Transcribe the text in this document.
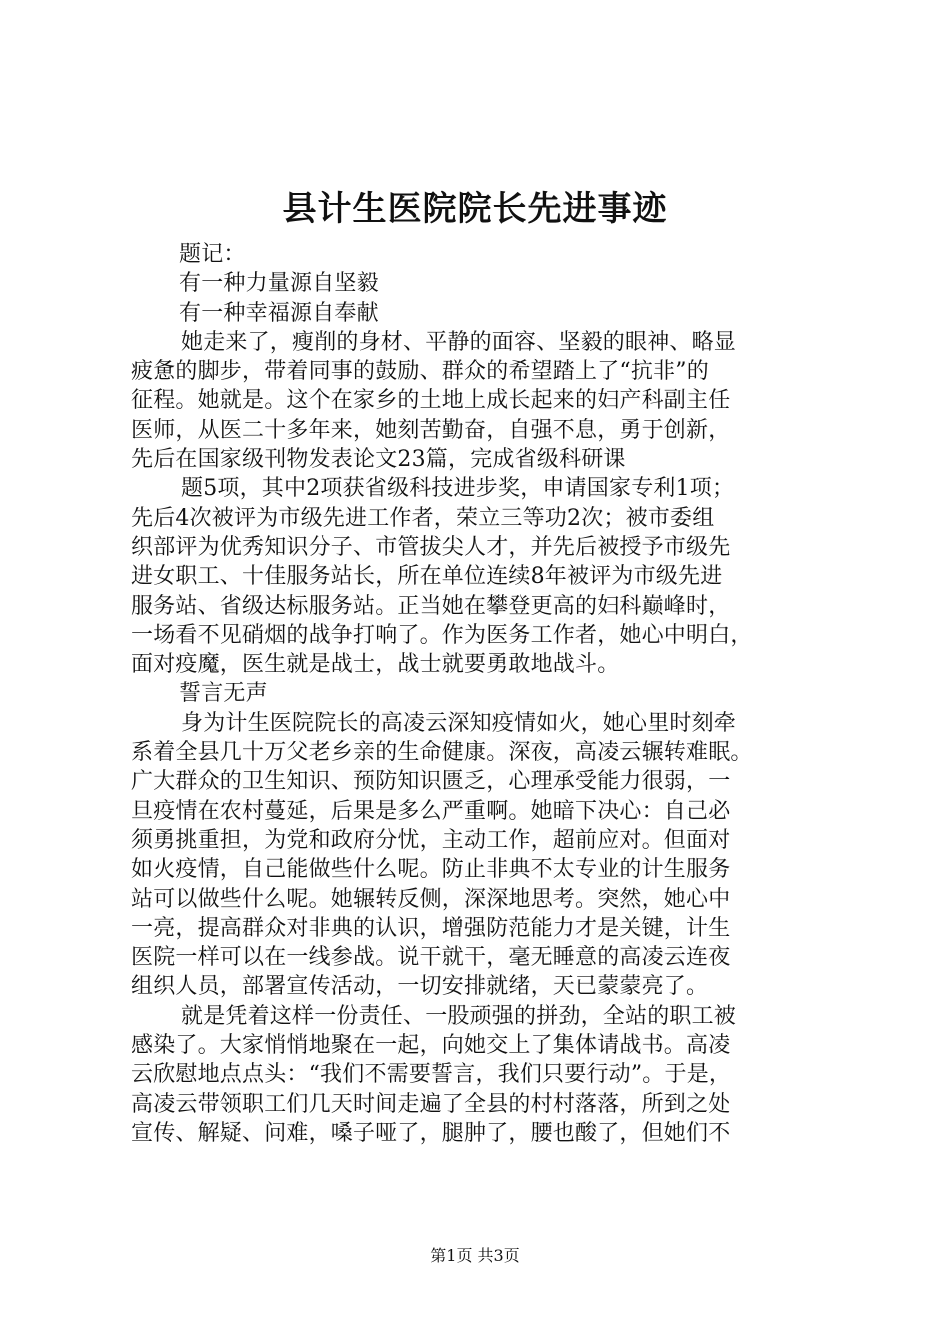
县计生医院院长先进事迹
题记：
有一种力量源自坚毅
有一种幸福源自奉献
她走来了，瘦削的身材、平静的面容、坚毅的眼神、略显
疲惫的脚步，带着同事的鼓励、群众的希望踏上了“抗非”的
征程。她就是。这个在家乡的土地上成长起来的妇产科副主任
医师，从医二十多年来，她刻苦勤奋，自强不息，勇于创新，
先后在国家级刊物发表论文23篇，完成省级科研课
题5项，其中2项获省级科技进步奖，申请国家专利1项；
先后4次被评为市级先进工作者，荣立三等功2次；被市委组
织部评为优秀知识分子、市管拔尖人才，并先后被授予市级先
进女职工、十佳服务站长，所在单位连续8年被评为市级先进
服务站、省级达标服务站。正当她在攀登更高的妇科巅峰时，
一场看不见硝烟的战争打响了。作为医务工作者，她心中明白，
面对疫魔，医生就是战士，战士就要勇敢地战斗。
誓言无声
身为计生医院院长的高凌云深知疫情如火，她心里时刻牵
系着全县几十万父老乡亲的生命健康。深夜，高凌云辗转难眠。
广大群众的卫生知识、预防知识匮乏，心理承受能力很弱，一
旦疫情在农村蔓延，后果是多么严重啊。她暗下决心：自己必
须勇挑重担，为党和政府分忧，主动工作，超前应对。但面对
如火疫情，自己能做些什么呢。防止非典不太专业的计生服务
站可以做些什么呢。她辗转反侧，深深地思考。突然，她心中
一亮，提高群众对非典的认识，增强防范能力才是关键，计生
医院一样可以在一线参战。说干就干，毫无睡意的高凌云连夜
组织人员，部署宣传活动，一切安排就绪，天已蒙蒙亮了。
就是凭着这样一份责任、一股顽强的拼劲，全站的职工被
感染了。大家悄悄地聚在一起，向她交上了集体请战书。高凌
云欣慰地点点头：“我们不需要誓言，我们只要行动”。于是，
高凌云带领职工们几天时间走遍了全县的村村落落，所到之处
宣传、解疑、问难，嗓子哑了，腿肿了，腰也酸了，但她们不
第1页 共3页
